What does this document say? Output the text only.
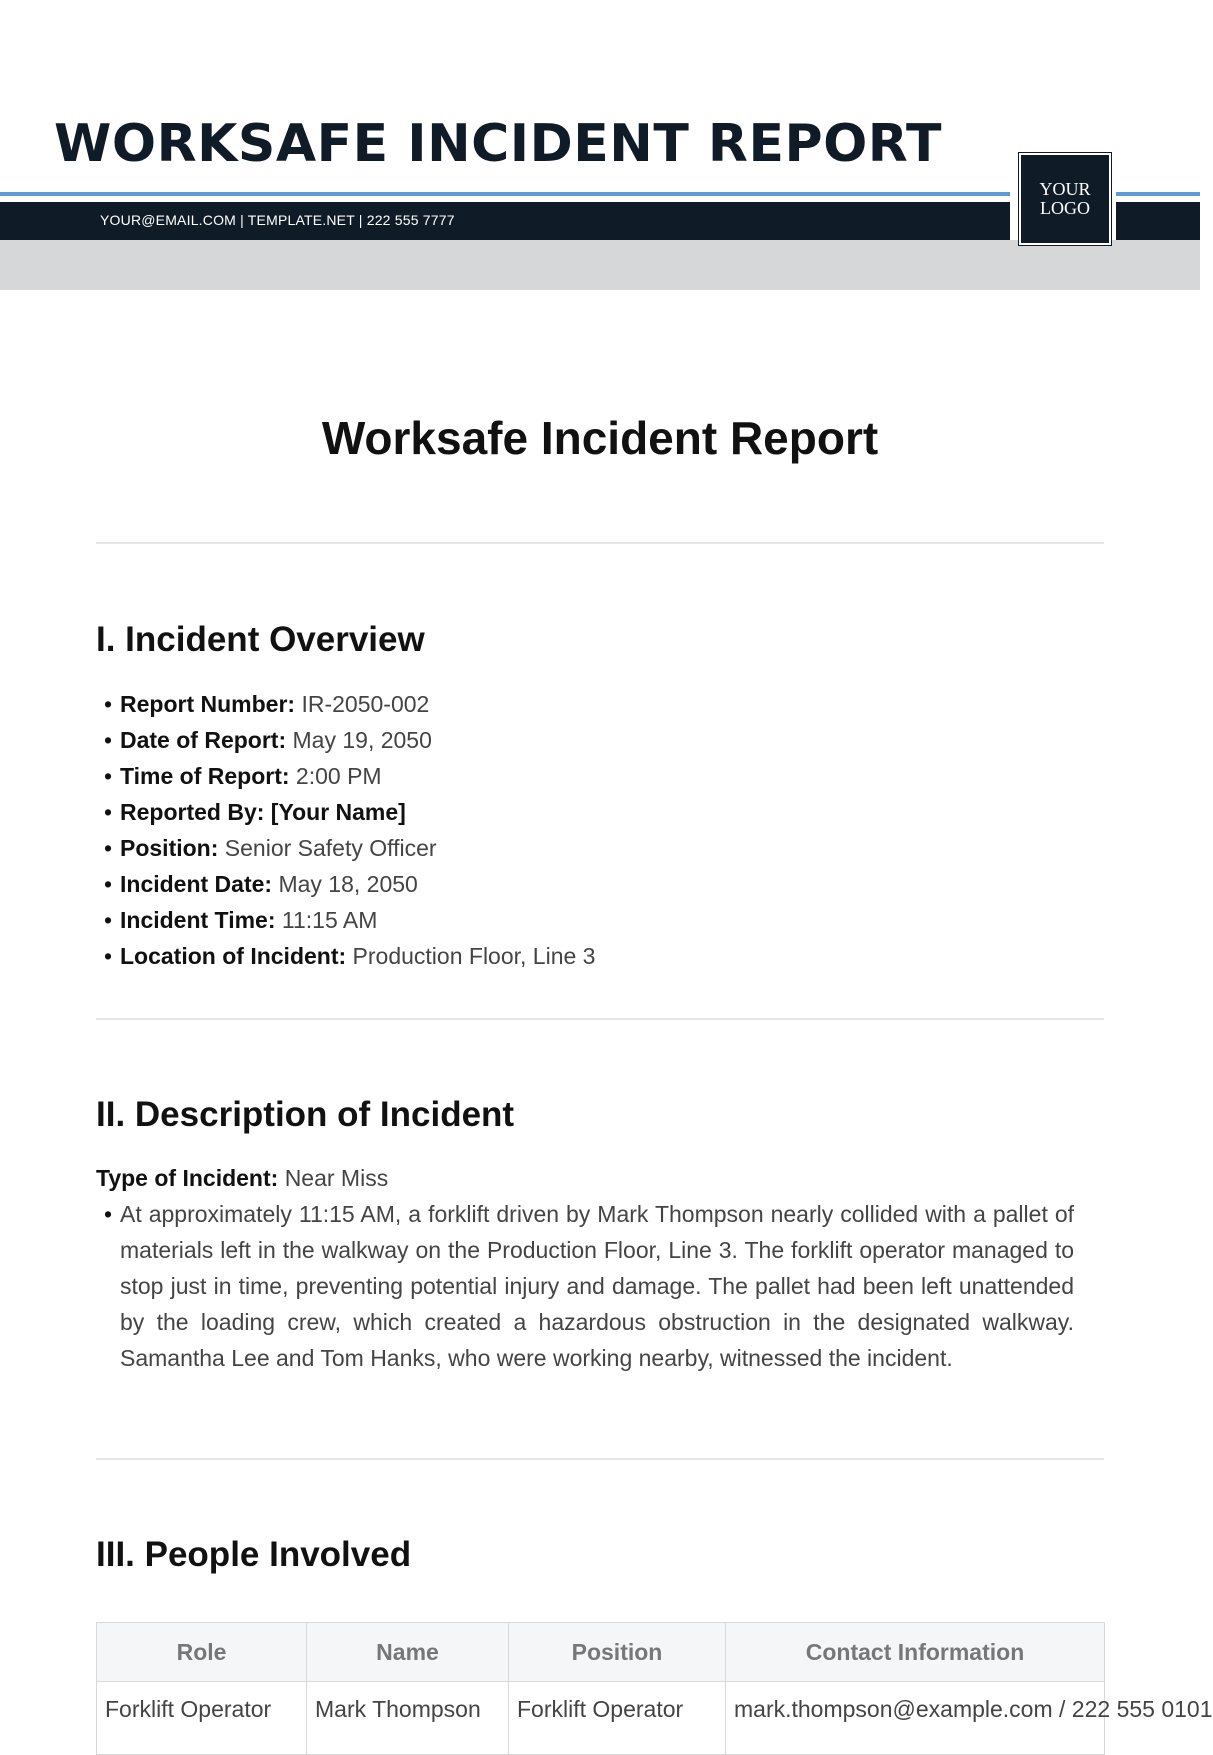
WORKSAFE INCIDENT REPORT

YOUR@EMAIL.COM | TEMPLATE.NET | 222 555 7777

YOUR LOGO
Worksafe Incident Report
I. Incident Overview
• Report Number: IR-2050-002
• Date of Report: May 19, 2050
• Time of Report: 2:00 PM
• Reported By: [Your Name]
• Position: Senior Safety Officer
• Incident Date: May 18, 2050
• Incident Time: 11:15 AM
• Location of Incident: Production Floor, Line 3
II. Description of Incident

Type of Incident: Near Miss

• At approximately 11:15 AM, a forklift driven by Mark Thompson nearly collided with a pallet of materials left in the walkway on the Production Floor, Line 3. The forklift operator managed to stop just in time, preventing potential injury and damage. The pallet had been left unattended by the loading crew, which created a hazardous obstruction in the designated walkway. Samantha Lee and Tom Hanks, who were working nearby, witnessed the incident.
III. People Involved
Role	Name	Position	Contact Information
Forklift Operator	Mark Thompson	Forklift Operator	mark.thompson@example.com / 222 555 0101
